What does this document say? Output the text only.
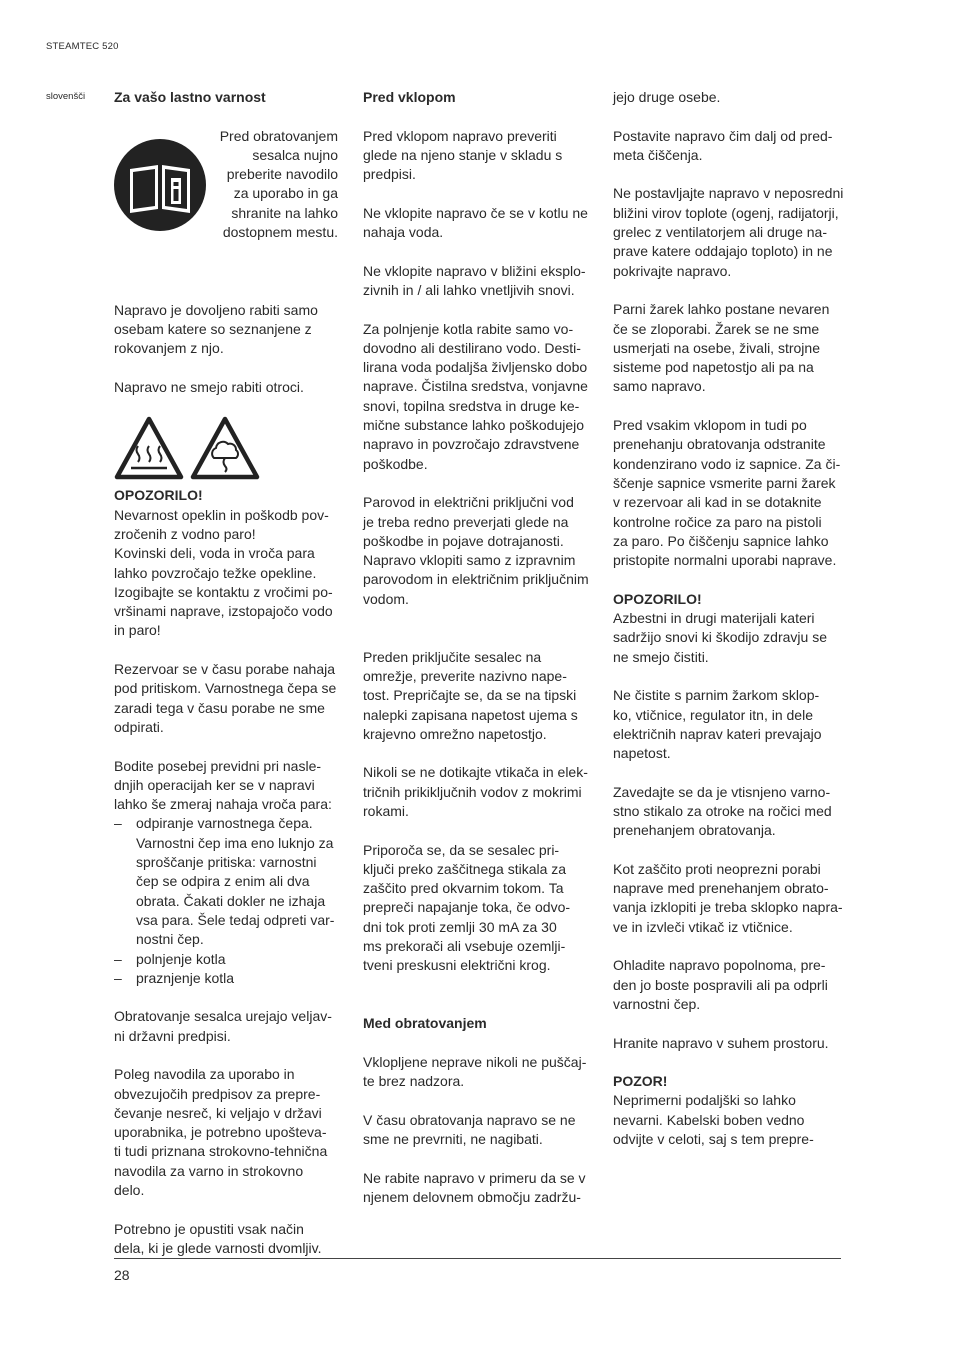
STEAMTEC 520
slovenšči Za vašo lastno varnost
Pred obratovanjem
sesalca nujno
preberite navodilo
za uporabo in ga
shranite na lahko
dostopnem mestu.

Napravo je dovoljeno rabiti samo
osebam katere so seznanjene z
rokovanjem z njo.

Napravo ne smejo rabiti otroci.

OPOZORILO!

Nevarnost opeklin in poškodb pov-
zročenih z vodno paro!
Kovinski deli, voda in vroča para
lahko povzročajo težke opekline.
Izogibajte se kontaktu z vročimi po-
vršinami naprave, izstopajočo vodo
in paro!

Rezervoar se v času porabe nahaja
pod pritiskom. Varnostnega čepa se
zaradi tega v času porabe ne sme
odpirati.

Bodite posebej previdni pri nasle-
dnjih operacijah ker se v napravi
lahko še zmeraj nahaja vroča para:
– odpiranje varnostnega čepa.
Varnostni čep ima eno luknjo za
sproščanje pritiska: varnostni
čep se odpira z enim ali dva
obrata. Čakati dokler ne izhaja
vsa para. Šele tedaj odpreti var-
nostni čep.
– polnjenje kotla
– praznjenje kotla

Obratovanje sesalca urejajo veljav-
ni državni predpisi.

Poleg navodila za uporabo in
obvezujočih predpisov za prepre-
čevanje nesreč, ki veljajo v državi
uporabnika, je potrebno upošteva-
ti tudi priznana strokovno-tehnična
navodila za varno in strokovno
delo.

Potrebno je opustiti vsak način
dela, ki je glede varnosti dvomljiv.

Pred vklopom

Pred vklopom napravo preveriti
glede na njeno stanje v skladu s
predpisi.

Ne vklopite napravo če se v kotlu ne
nahaja voda.

Ne vklopite napravo v bližini eksplo-
zivnih in / ali lahko vnetljivih snovi.

Za polnjenje kotla rabite samo vo-
dovodno ali destilirano vodo. Desti-
lirana voda podaljša življensko dobo
naprave. Čistilna sredstva, vonjavne
snovi, topilna sredstva in druge ke-
mične substance lahko poškodujejo
napravo in povzročajo zdravstvene
poškodbe.

Parovod in električni priključni vod
je treba redno preverjati glede na
poškodbe in pojave dotrajanosti.
Napravo vklopiti samo z izpravnim
parovodom in električnim priključnim
vodom.

Preden priključite sesalec na
omrežje, preverite nazivno nape-
tost. Prepričajte se, da se na tipski
nalepki zapisana napetost ujema s
krajevno omrežno napetostjo.

Nikoli se ne dotikajte vtikača in elek-
tričnih prikiključnih vodov z mokrimi
rokami.

Priporoča se, da se sesalec pri-
ključi preko zaščitnega stikala za
zaščito pred okvarnim tokom. Ta
prepreči napajanje toka, če odvo-
dni tok proti zemlji 30 mA za 30
ms prekorači ali vsebuje ozemlji-
tveni preskusni električni krog.

Med obratovanjem

Vklopljene neprave nikoli ne puščaj-
te brez nadzora.

V času obratovanja napravo se ne
sme ne prevrniti, ne nagibati.

Ne rabite napravo v primeru da se v
njenem delovnem območju zadržu-

jejo druge osebe.

Postavite napravo čim dalj od pred-
meta čiščenja.

Ne postavljajte napravo v neposredni
bližini virov toplote (ogenj, radijatorji,
grelec z ventilatorjem ali druge na-
prave katere oddajajo toploto) in ne
pokrivajte napravo.

Parni žarek lahko postane nevaren
če se zloporabi. Žarek se ne sme
usmerjati na osebe, živali, strojne
sisteme pod napetostjo ali pa na
samo napravo.

Pred vsakim vklopom in tudi po
prenehanju obratovanja odstranite
kondenzirano vodo iz sapnice. Za či-
ščenje sapnice vsmerite parni žarek
v rezervoar ali kad in se dotaknite
kontrolne ročice za paro na pistoli
za paro. Po čiščenju sapnice lahko
pristopite normalni uporabi naprave.

OPOZORILO!

Azbestni in drugi materijali kateri
sadržijo snovi ki škodijo zdravju se
ne smejo čistiti.

Ne čistite s parnim žarkom sklop-
ko, vtičnice, regulator itn, in dele
električnih naprav kateri prevajajo
napetost.

Zavedajte se da je vtisnjeno varno-
stno stikalo za otroke na ročici med
prenehanjem obratovanja.

Kot zaščito proti neoprezni porabi
naprave med prenehanjem obrato-
vanja izklopiti je treba sklopko napra-
ve in izvleči vtikač iz vtičnice.

Ohladite napravo popolnoma, pre-
den jo boste pospravili ali pa odprli
varnostni čep.

Hranite napravo v suhem prostoru.

POZOR!

Neprimerni podaljški so lahko
nevarni. Kabelski boben vedno
odvijte v celoti, saj s tem prepre-

28
